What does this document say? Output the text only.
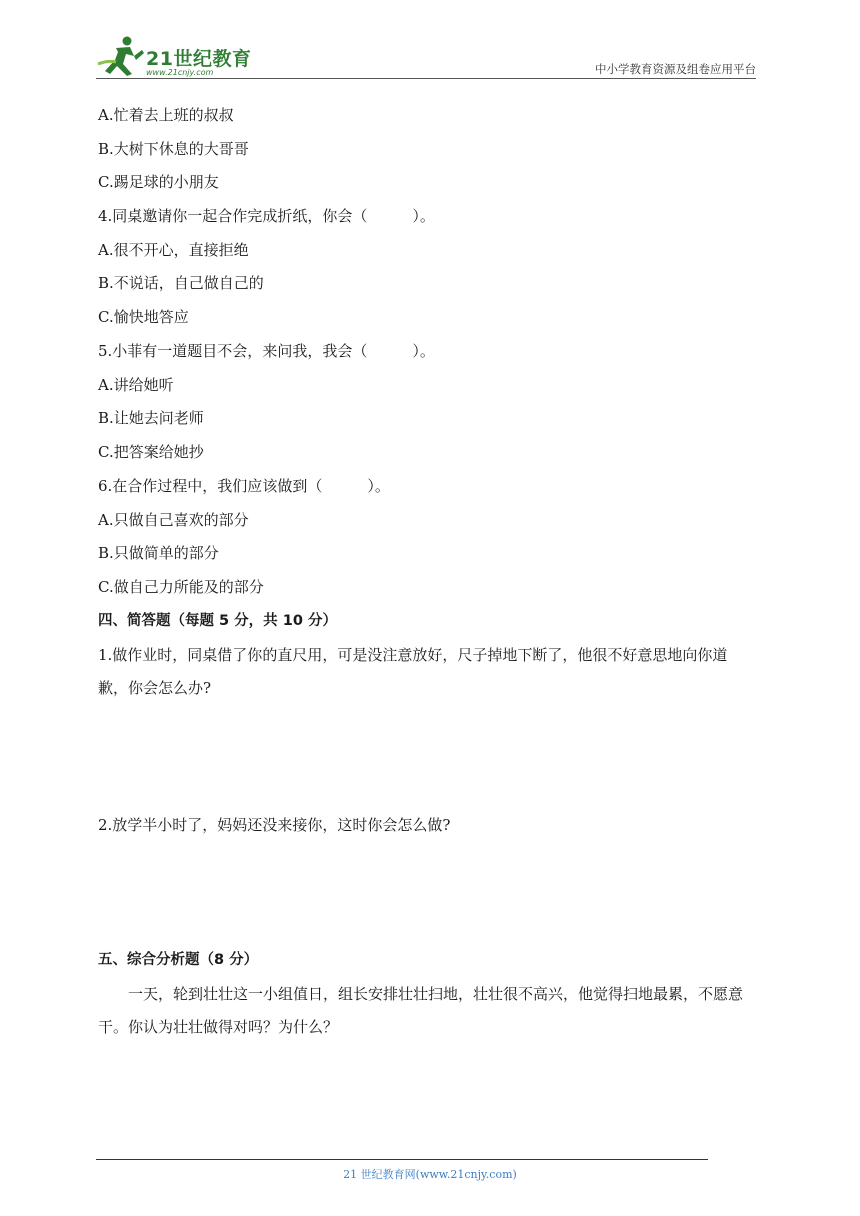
21世纪教育
www.21cnjy.com	中小学教育资源及组卷应用平台
A.忙着去上班的叔叔
B.大树下休息的大哥哥
C.踢足球的小朋友
4.同桌邀请你一起合作完成折纸，你会（　　　）。
A.很不开心，直接拒绝
B.不说话，自己做自己的
C.愉快地答应
5.小菲有一道题目不会，来问我，我会（　　　）。
A.讲给她听
B.让她去问老师
C.把答案给她抄
6.在合作过程中，我们应该做到（　　　）。
A.只做自己喜欢的部分
B.只做简单的部分
C.做自己力所能及的部分
四、简答题（每题 5 分，共 10 分）
1.做作业时，同桌借了你的直尺用，可是没注意放好，尺子掉地下断了，他很不好意思地向你道歉，你会怎么办?
2.放学半小时了，妈妈还没来接你，这时你会怎么做?
五、综合分析题（8 分）
一天，轮到壮壮这一小组值日，组长安排壮壮扫地，壮壮很不高兴，他觉得扫地最累，不愿意干。你认为壮壮做得对吗？为什么？
21 世纪教育网(www.21cnjy.com)
